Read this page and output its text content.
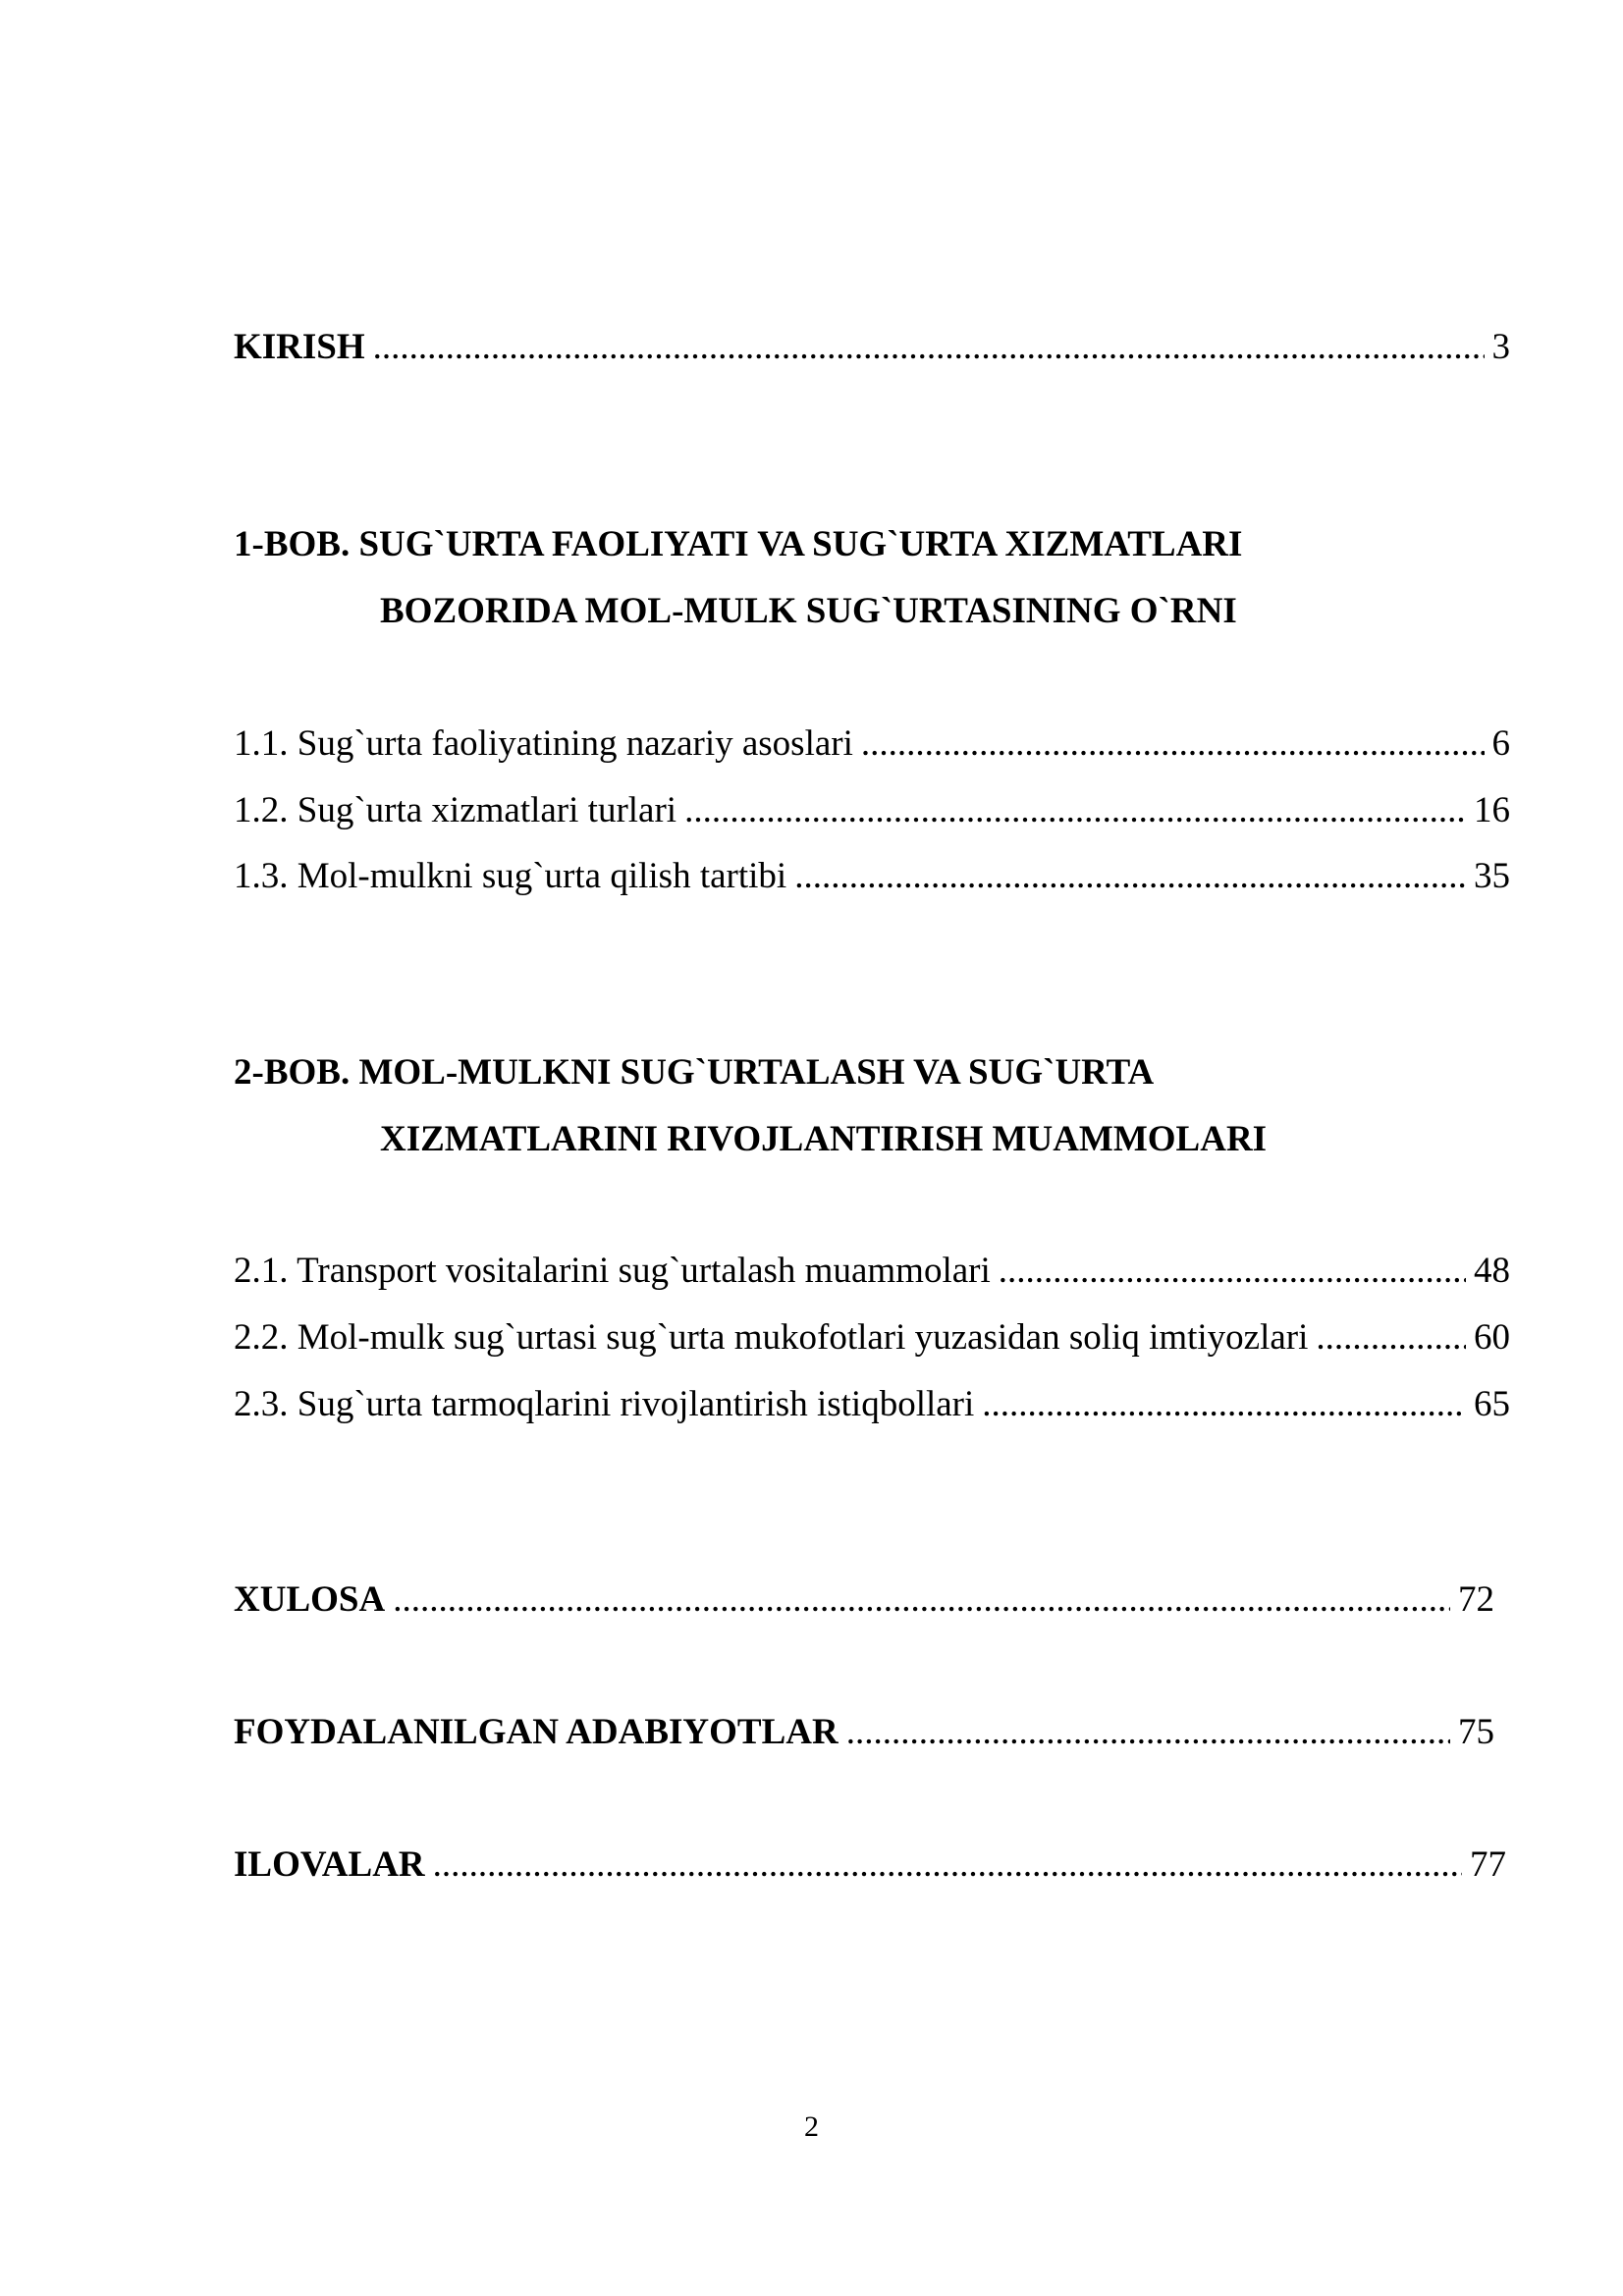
KIRISH .....	3
1-BOB. SUG`URTA FAOLIYATI VA SUG`URTA XIZMATLARI
BOZORIDA MOL-MULK SUG`URTASINING O`RNI
1.1. Sug`urta faoliyatining nazariy asoslari .....	6
1.2. Sug`urta xizmatlari turlari .....	16
1.3. Mol-mulkni sug`urta qilish tartibi .....	35
2-BOB. MOL-MULKNI SUG`URTALASH VA SUG`URTA
XIZMATLARINI RIVOJLANTIRISH MUAMMOLARI
2.1. Transport vositalarini sug`urtalash muammolari .....	48
2.2. Mol-mulk sug`urtasi sug`urta mukofotlari yuzasidan soliq imtiyozlari .....	60
2.3. Sug`urta tarmoqlarini rivojlantirish istiqbollari .....	65
XULOSA .....	72
FOYDALANILGAN ADABIYOTLAR .....	75
ILOVALAR .....	77
2
